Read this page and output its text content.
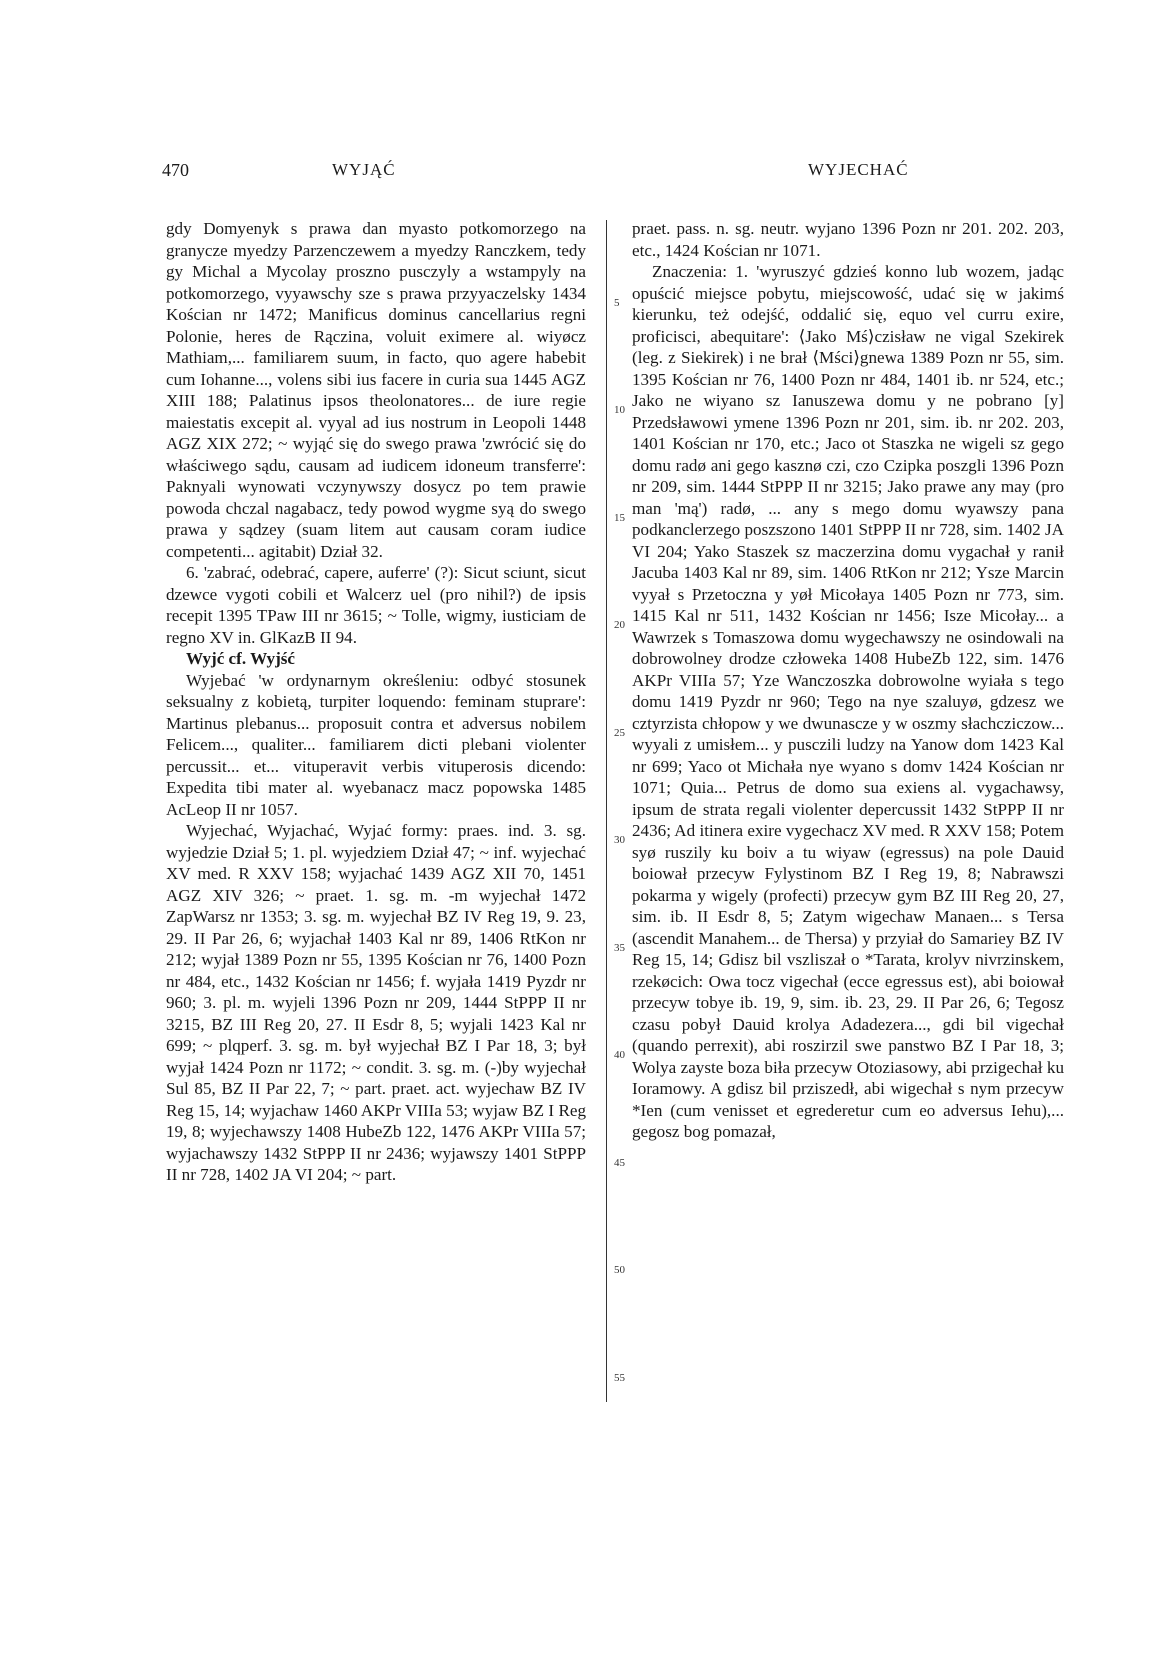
470	WYJĄĆ	WYJECHAĆ

gdy Domyenyk s prawa dan myasto potkomorzego na granycze myedzy Parzenczewem a myedzy Ranczkem, tedy gy Michal a Mycolay proszno pusczyly a wstampyly na potkomorzego, vyyawschy sze s prawa przyyaczelsky 1434 Kościan nr 1472; Manificus dominus cancellarius regni Polonie, heres de Rączina, voluit eximere al. wiyøcz Mathiam,... familiarem suum, in facto, quo agere habebit cum Iohanne..., volens sibi ius facere in curia sua 1445 AGZ XIII 188; Palatinus ipsos theolonatores... de iure regie maiestatis excepit al. vyyal ad ius nostrum in Leopoli 1448 AGZ XIX 272; ~ wyjąć się do swego prawa 'zwrócić się do właściwego sądu, causam ad iudicem idoneum transferre': Paknyali wynowati vczynywszy dosycz po tem prawie powoda chczal nagabacz, tedy powod wygme syą do swego prawa y sądzey (suam litem aut causam coram iudice competenti... agitabit) Dział 32.

6. 'zabrać, odebrać, capere, auferre' (?): Sicut sciunt, sicut dzewce vygoti cobili et Walcerz uel (pro nihil?) de ipsis recepit 1395 TPaw III nr 3615; ~ Tolle, wigmy, iusticiam de regno XV in. GlKazB II 94.

Wyjć cf. Wyjść

Wyjebać 'w ordynarnym określeniu: odbyć stosunek seksualny z kobietą, turpiter loquendo: feminam stuprare': Martinus plebanus... proposuit contra et adversus nobilem Felicem..., qualiter... familiarem dicti plebani violenter percussit... et... vituperavit verbis vituperosis dicendo: Expedita tibi mater al. wyebanacz macz popowska 1485 AcLeop II nr 1057.

Wyjechać, Wyjachać, Wyjać formy: praes. ind. 3. sg. wyjedzie Dział 5; 1. pl. wyjedziem Dział 47; ~ inf. wyjechać XV med. R XXV 158; wyjachać 1439 AGZ XII 70, 1451 AGZ XIV 326; ~ praet. 1. sg. m. -m wyjechał 1472 ZapWarsz nr 1353; 3. sg. m. wyjechał BZ IV Reg 19, 9. 23, 29. II Par 26, 6; wyjachał 1403 Kal nr 89, 1406 RtKon nr 212; wyjał 1389 Pozn nr 55, 1395 Kościan nr 76, 1400 Pozn nr 484, etc., 1432 Kościan nr 1456; f. wyjała 1419 Pyzdr nr 960; 3. pl. m. wyjeli 1396 Pozn nr 209, 1444 StPPP II nr 3215, BZ III Reg 20, 27. II Esdr 8, 5; wyjali 1423 Kal nr 699; ~ plqperf. 3. sg. m. był wyjechał BZ I Par 18, 3; był wyjał 1424 Pozn nr 1172; ~ condit. 3. sg. m. (-)by wyjechał Sul 85, BZ II Par 22, 7; ~ part. praet. act. wyjechaw BZ IV Reg 15, 14; wyjachaw 1460 AKPr VIIIa 53; wyjaw BZ I Reg 19, 8; wyjechawszy 1408 HubeZb 122, 1476 AKPr VIIIa 57; wyjachawszy 1432 StPPP II nr 2436; wyjawszy 1401 StPPP II nr 728, 1402 JA VI 204; ~ part.

5
10
15
20
25
30
35
40
45
50
55

praet. pass. n. sg. neutr. wyjano 1396 Pozn nr 201. 202. 203, etc., 1424 Kościan nr 1071.

Znaczenia: 1. 'wyruszyć gdzieś konno lub wozem, jadąc opuścić miejsce pobytu, miejscowość, udać się w jakimś kierunku, też odejść, oddalić się, equo vel curru exire, proficisci, abequitare': ⟨Jako Mś⟩czisław ne vigal Szekirek (leg. z Siekirek) i ne brał ⟨Mści⟩gnewa 1389 Pozn nr 55, sim. 1395 Kościan nr 76, 1400 Pozn nr 484, 1401 ib. nr 524, etc.; Jako ne wiyano sz Ianuszewa domu y ne pobrano [y] Przedsławowi ymene 1396 Pozn nr 201, sim. ib. nr 202. 203, 1401 Kościan nr 170, etc.; Jaco ot Staszka ne wigeli sz gego domu radø ani gego kasznø czi, czo Czipka poszgli 1396 Pozn nr 209, sim. 1444 StPPP II nr 3215; Jako prawe any may (pro man 'mą') radø, ... any s mego domu wyawszy pana podkanclerzego poszszono 1401 StPPP II nr 728, sim. 1402 JA VI 204; Yako Staszek sz maczerzina domu vygachał y ranił Jacuba 1403 Kal nr 89, sim. 1406 RtKon nr 212; Ysze Marcin vyyał s Przetoczna y yøł Micołaya 1405 Pozn nr 773, sim. 1415 Kal nr 511, 1432 Kościan nr 1456; Isze Micołay... a Wawrzek s Tomaszowa domu wygechawszy ne osindowali na dobrowolney drodze człoweka 1408 HubeZb 122, sim. 1476 AKPr VIIIa 57; Yze Wanczoszka dobrowolne wyiała s tego domu 1419 Pyzdr nr 960; Tego na nye szaluyø, gdzesz we cztyrzista chłopow y we dwunascze y w oszmy słachcziczow... wyyali z umisłem... y pusczili ludzy na Yanow dom 1423 Kal nr 699; Yaco ot Michała nye wyano s domv 1424 Kościan nr 1071; Quia... Petrus de domo sua exiens al. vygachawsy, ipsum de strata regali violenter depercussit 1432 StPPP II nr 2436; Ad itinera exire vygechacz XV med. R XXV 158; Potem syø ruszily ku boiv a tu wiyaw (egressus) na pole Dauid boiował przecyw Fylystinom BZ I Reg 19, 8; Nabrawszi pokarma y wigely (profecti) przecyw gym BZ III Reg 20, 27, sim. ib. II Esdr 8, 5; Zatym wigechaw Manaen... s Tersa (ascendit Manahem... de Thersa) y przyiał do Samariey BZ IV Reg 15, 14; Gdisz bil vszliszał o *Tarata, krolyv nivrzinskem, rzekøcich: Owa tocz vigechał (ecce egressus est), abi boiował przecyw tobye ib. 19, 9, sim. ib. 23, 29. II Par 26, 6; Tegosz czasu pobył Dauid krolya Adadezera..., gdi bil vigechał (quando perrexit), abi roszirzil swe panstwo BZ I Par 18, 3; Wolya zayste boza biła przecyw Otoziasowy, abi przigechał ku Ioramowy. A gdisz bil prziszedł, abi wigechał s nym przecyw *Ien (cum venisset et egrederetur cum eo adversus Iehu),... gegosz bog pomazał,
